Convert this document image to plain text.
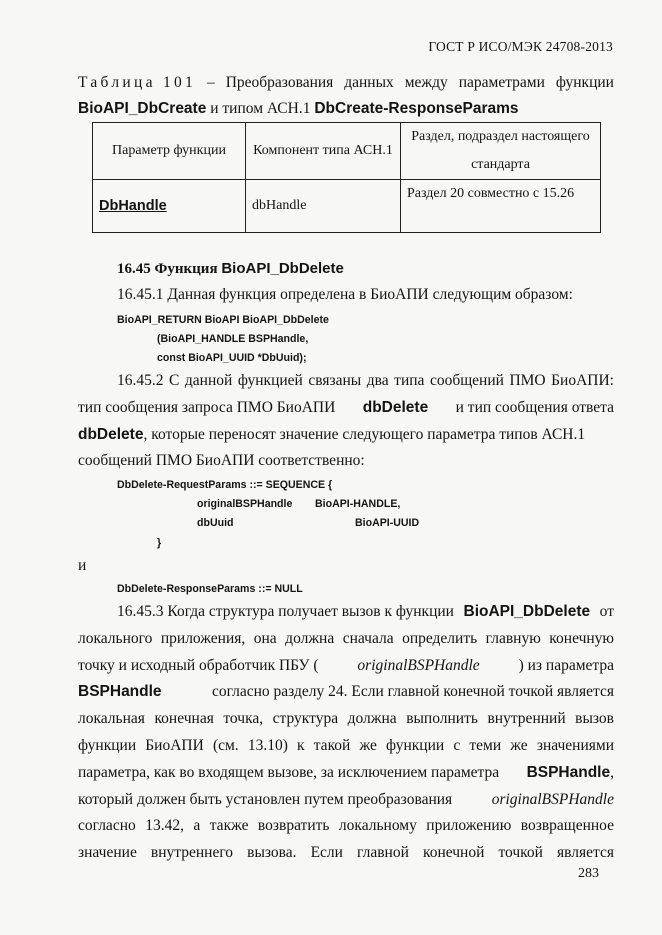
ГОСТ Р ИСО/МЭК 24708-2013
Таблица 101 – Преобразования данных между параметрами функции
BioAPI_DbCreate и типом АСН.1 DbCreate-ResponseParams
Параметр функции	Компонент типа АСН.1	Раздел, подраздел настоящего стандарта
DbHandle	dbHandle	Раздел 20 совместно с 15.26
16.45 Функция BioAPI_DbDelete
16.45.1 Данная функция определена в БиоАПИ следующим образом:
BioAPI_RETURN BioAPI BioAPI_DbDelete
(BioAPI_HANDLE BSPHandle,
const BioAPI_UUID *DbUuid);
16.45.2 С данной функцией связаны два типа сообщений ПМО БиоАПИ:
тип сообщения запроса ПМО БиоАПИ dbDelete и тип сообщения ответа
dbDelete, которые переносят значение следующего параметра типов АСН.1
сообщений ПМО БиоАПИ соответственно:
DbDelete-RequestParams ::= SEQUENCE {
originalBSPHandle BioAPI-HANDLE,
dbUuid	BioAPI-UUID
}
и
DbDelete-ResponseParams ::= NULL
16.45.3 Когда структура получает вызов к функции BioAPI_DbDelete от
локального приложения, она должна сначала определить главную конечную
точку и исходный обработчик ПБУ (	originalBSPHandle	) из параметра
BSPHandle	согласно разделу 24. Если главной конечной точкой является
локальная конечная точка, структура должна выполнить внутренний вызов
функции БиоАПИ (см. 13.10) к такой же функции с теми же значениями
параметра, как во входящем вызове, за исключением параметра BSPHandle,
который должен быть установлен путем преобразования	originalBSPHandle
согласно 13.42, а также возвратить локальному приложению возвращенное
значение внутреннего вызова. Если главной конечной точкой является
283
